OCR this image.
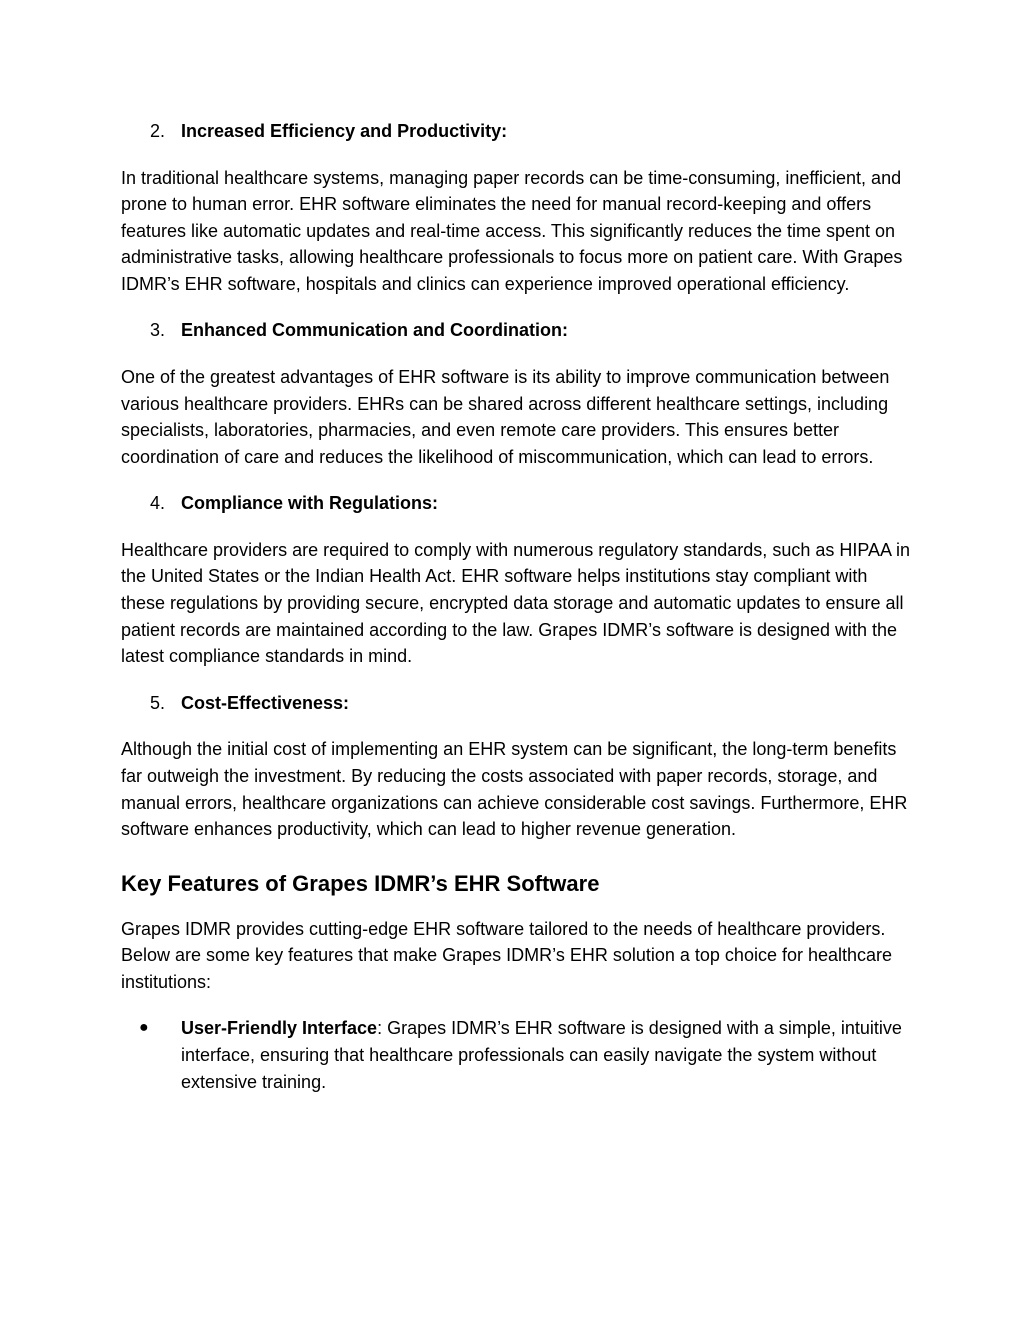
2. Increased Efficiency and Productivity:

In traditional healthcare systems, managing paper records can be time-consuming, inefficient, and prone to human error. EHR software eliminates the need for manual record-keeping and offers features like automatic updates and real-time access. This significantly reduces the time spent on administrative tasks, allowing healthcare professionals to focus more on patient care. With Grapes IDMR’s EHR software, hospitals and clinics can experience improved operational efficiency.

3. Enhanced Communication and Coordination:

One of the greatest advantages of EHR software is its ability to improve communication between various healthcare providers. EHRs can be shared across different healthcare settings, including specialists, laboratories, pharmacies, and even remote care providers. This ensures better coordination of care and reduces the likelihood of miscommunication, which can lead to errors.

4. Compliance with Regulations:

Healthcare providers are required to comply with numerous regulatory standards, such as HIPAA in the United States or the Indian Health Act. EHR software helps institutions stay compliant with these regulations by providing secure, encrypted data storage and automatic updates to ensure all patient records are maintained according to the law. Grapes IDMR’s software is designed with the latest compliance standards in mind.

5. Cost-Effectiveness:

Although the initial cost of implementing an EHR system can be significant, the long-term benefits far outweigh the investment. By reducing the costs associated with paper records, storage, and manual errors, healthcare organizations can achieve considerable cost savings. Furthermore, EHR software enhances productivity, which can lead to higher revenue generation.

Key Features of Grapes IDMR’s EHR Software

Grapes IDMR provides cutting-edge EHR software tailored to the needs of healthcare providers. Below are some key features that make Grapes IDMR’s EHR solution a top choice for healthcare institutions:

● User-Friendly Interface: Grapes IDMR’s EHR software is designed with a simple, intuitive interface, ensuring that healthcare professionals can easily navigate the system without extensive training.
